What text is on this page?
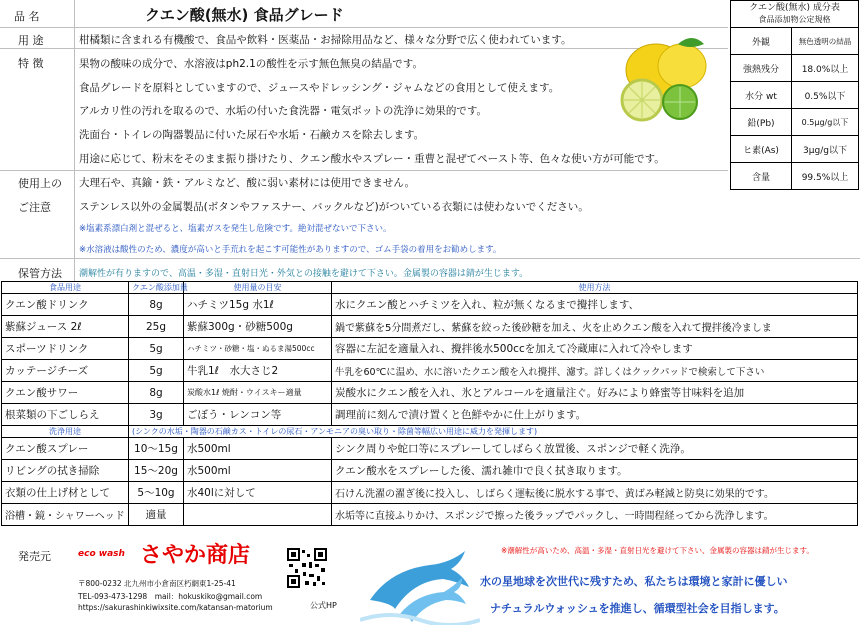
品 名	クエン酸(無水) 食品グレード
用 途	柑橘類に含まれる有機酸で、食品や飲料・医薬品・お掃除用品など、様々な分野で広く使われています。
特 徴	果物の酸味の成分で、水溶液はph2.1の酸性を示す無色無臭の結晶です。
食品グレードを原料としていますので、ジュースやドレッシング・ジャムなどの食用として使えます。
アルカリ性の汚れを取るので、水垢の付いた食洗器・電気ポットの洗浄に効果的です。
洗面台・トイレの陶器製品に付いた尿石や水垢・石鹸カスを除去します。
用途に応じて、粉末をそのまま振り掛けたり、クエン酸水やスプレー・重曹と混ぜてペースト等、色々な使い方が可能です。
使用上の
ご注意
大理石や、真鍮・鉄・アルミなど、酸に弱い素材には使用できません。
ステンレス以外の金属製品(ボタンやファスナー、バックルなど)がついている衣類には使わないでください。
※塩素系漂白剤と混ぜると、塩素ガスを発生し危険です。絶対混ぜないで下さい。
※水溶液は酸性のため、濃度が高いと手荒れを起こす可能性がありますので、ゴム手袋の着用をお勧めします。
保管方法 潮解性が有りますので、高温・多湿・直射日光・外気との接触を避けて下さい。金属製の容器は錆が生じます。
クエン酸(無水) 成分表
食品添加物公定規格	

外観	無色透明の結晶
強熱残分	18.0%以上
水分 wt	0.5%以下
鉛(Pb)	0.5μg/g以下
ヒ素(As)	3μg/g以下
含量	99.5%以上
食品用途	クエン酸添加量	使用量の目安	使用方法
クエン酸ドリンク	8g	ハチミツ15g 水1ℓ	水にクエン酸とハチミツを入れ、粒が無くなるまで攪拌します、
紫蘇ジュース 2ℓ	25g	紫蘇300g・砂糖500g	鍋で紫蘇を5分間煮だし、紫蘇を絞った後砂糖を加え、火を止めクエン酸を入れて攪拌後冷ましま
スポーツドリンク	5g	ハチミツ・砂糖・塩・ぬるま湯500cc	容器に左記を適量入れ、攪拌後水500ccを加えて冷蔵庫に入れて冷やします
カッテージチーズ	5g	牛乳1ℓ　水大さじ2	牛乳を60℃に温め、水に溶いたクエン酸を入れ攪拌、濾す。詳しくはクックパッドで検索して下さい
クエン酸サワー	8g	炭酸水1ℓ 焼酎・ウイスキー適量	炭酸水にクエン酸を入れ、氷とアルコールを適量注ぐ。好みにより蜂蜜等甘味料を追加
根菜類の下ごしらえ	3g	ごぼう・レンコン等	調理前に刻んで漬け置くと色鮮やかに仕上がります。
洗浄用途	(シンクの水垢・陶器の石鹸カス・トイレの尿石・アンモニアの臭い取り・除菌等幅広い用途に威力を発揮します)		
クエン酸スプレー	10～15g	水500ml	シンク周りや蛇口等にスプレーしてしばらく放置後、スポンジで軽く洗浄。
リビングの拭き掃除	15～20g	水500ml	クエン酸水をスプレーした後、濡れ雑巾で良く拭き取ります。
衣類の仕上げ材として	5～10g	水40lに対して	石けん洗濯の濯ぎ後に投入し、しばらく運転後に脱水する事で、黄ばみ軽減と防臭に効果的です。
浴槽・鏡・シャワーヘッド	適量		水垢等に直接ふりかけ、スポンジで擦った後ラップでパックし、一時間程経ってから洗浄します。
発売元	eco wash さやか商店
〒800-0232 北九州市小倉南区朽網東1-25-41
TEL-093-473-1298　mail：hokuskiko@gmail.com
https://sakurashinkiwixsite.com/katansan-matorium	公式HP
※潮解性が高いため、高温・多湿・直射日光を避けて下さい、金属製の容器は錆が生じます。
水の星地球を次世代に残すため、私たちは環境と家計に優しい
ナチュラルウォッシュを推進し、循環型社会を目指します。
